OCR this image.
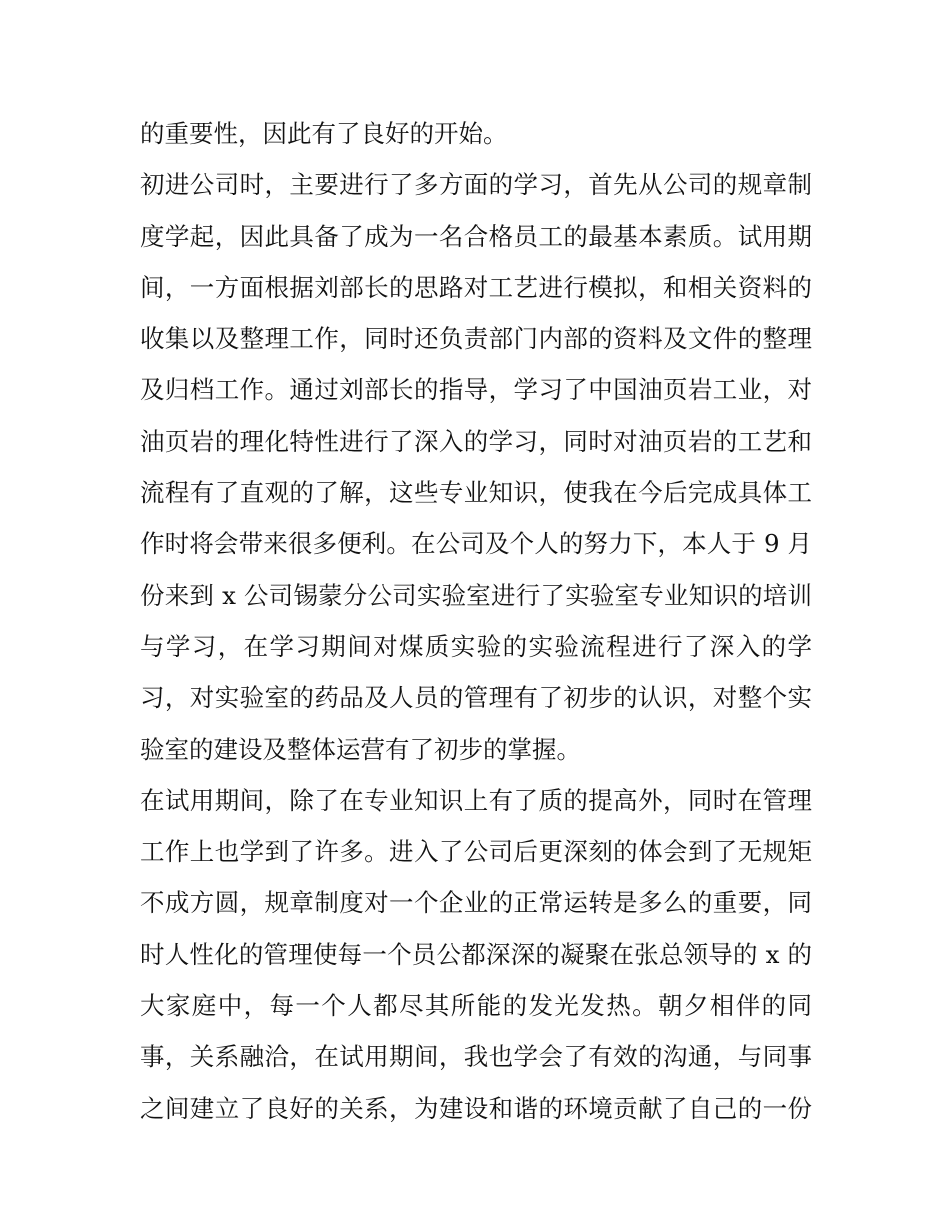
的重要性，因此有了良好的开始。
初进公司时，主要进行了多方面的学习，首先从公司的规章制
度学起，因此具备了成为一名合格员工的最基本素质。试用期
间，一方面根据刘部长的思路对工艺进行模拟，和相关资料的
收集以及整理工作，同时还负责部门内部的资料及文件的整理
及归档工作。通过刘部长的指导，学习了中国油页岩工业，对
油页岩的理化特性进行了深入的学习，同时对油页岩的工艺和
流程有了直观的了解，这些专业知识，使我在今后完成具体工
作时将会带来很多便利。在公司及个人的努力下，本人于 9 月
份来到 x 公司锡蒙分公司实验室进行了实验室专业知识的培训
与学习，在学习期间对煤质实验的实验流程进行了深入的学
习，对实验室的药品及人员的管理有了初步的认识，对整个实
验室的建设及整体运营有了初步的掌握。
在试用期间，除了在专业知识上有了质的提高外，同时在管理
工作上也学到了许多。进入了公司后更深刻的体会到了无规矩
不成方圆，规章制度对一个企业的正常运转是多么的重要，同
时人性化的管理使每一个员公都深深的凝聚在张总领导的 x 的
大家庭中，每一个人都尽其所能的发光发热。朝夕相伴的同
事，关系融洽，在试用期间，我也学会了有效的沟通，与同事
之间建立了良好的关系，为建设和谐的环境贡献了自己的一份
